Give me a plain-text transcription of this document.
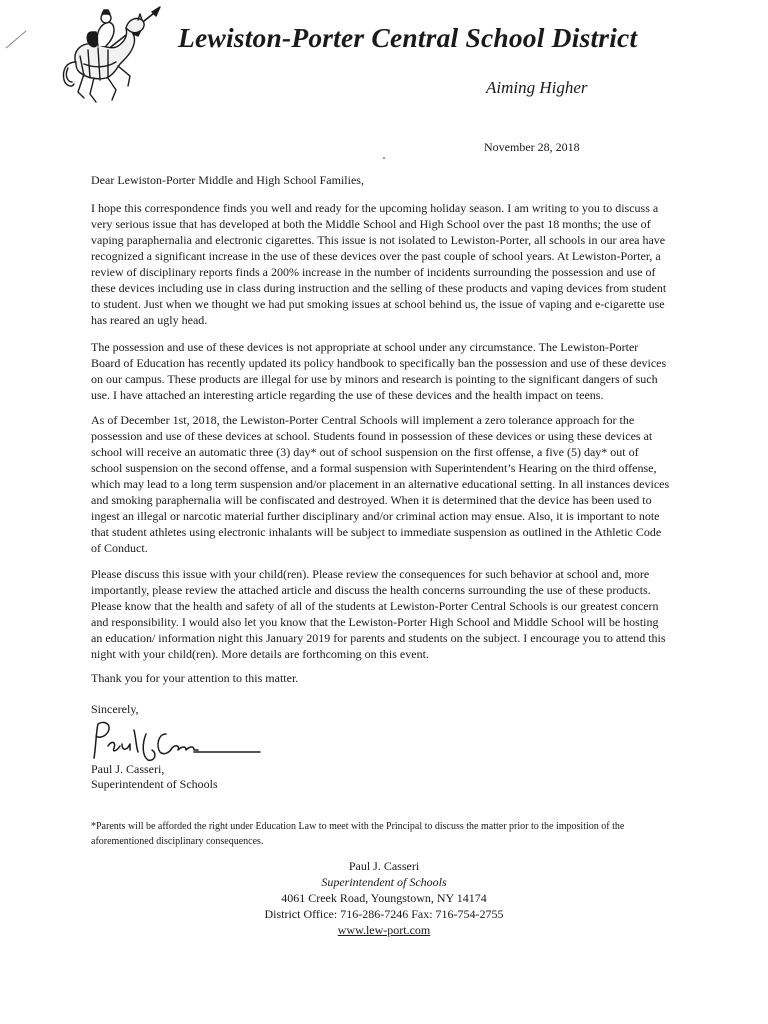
Lewiston-Porter Central School District
Aiming Higher
November 28, 2018
Dear Lewiston-Porter Middle and High School Families,
I hope this correspondence finds you well and ready for the upcoming holiday season. I am writing to you to discuss a
very serious issue that has developed at both the Middle School and High School over the past 18 months; the use of
vaping paraphernalia and electronic cigarettes. This issue is not isolated to Lewiston-Porter, all schools in our area have
recognized a significant increase in the use of these devices over the past couple of school years. At Lewiston-Porter, a
review of disciplinary reports finds a 200% increase in the number of incidents surrounding the possession and use of
these devices including use in class during instruction and the selling of these products and vaping devices from student
to student. Just when we thought we had put smoking issues at school behind us, the issue of vaping and e-cigarette use
has reared an ugly head.
The possession and use of these devices is not appropriate at school under any circumstance. The Lewiston-Porter
Board of Education has recently updated its policy handbook to specifically ban the possession and use of these devices
on our campus. These products are illegal for use by minors and research is pointing to the significant dangers of such
use. I have attached an interesting article regarding the use of these devices and the health impact on teens.
As of December 1st, 2018, the Lewiston-Porter Central Schools will implement a zero tolerance approach for the
possession and use of these devices at school. Students found in possession of these devices or using these devices at
school will receive an automatic three (3) day* out of school suspension on the first offense, a five (5) day* out of
school suspension on the second offense, and a formal suspension with Superintendent’s Hearing on the third offense,
which may lead to a long term suspension and/or placement in an alternative educational setting. In all instances devices
and smoking paraphernalia will be confiscated and destroyed. When it is determined that the device has been used to
ingest an illegal or narcotic material further disciplinary and/or criminal action may ensue. Also, it is important to note
that student athletes using electronic inhalants will be subject to immediate suspension as outlined in the Athletic Code
of Conduct.
Please discuss this issue with your child(ren). Please review the consequences for such behavior at school and, more
importantly, please review the attached article and discuss the health concerns surrounding the use of these products.
Please know that the health and safety of all of the students at Lewiston-Porter Central Schools is our greatest concern
and responsibility. I would also let you know that the Lewiston-Porter High School and Middle School will be hosting
an education/ information night this January 2019 for parents and students on the subject. I encourage you to attend this
night with your child(ren). More details are forthcoming on this event.
Thank you for your attention to this matter.
Sincerely,
Paul J. Casseri,
Superintendent of Schools
*Parents will be afforded the right under Education Law to meet with the Principal to discuss the matter prior to the imposition of the
aforementioned disciplinary consequences.
Paul J. Casseri
Superintendent of Schools
4061 Creek Road, Youngstown, NY 14174
District Office: 716-286-7246 Fax: 716-754-2755
www.lew-port.com
